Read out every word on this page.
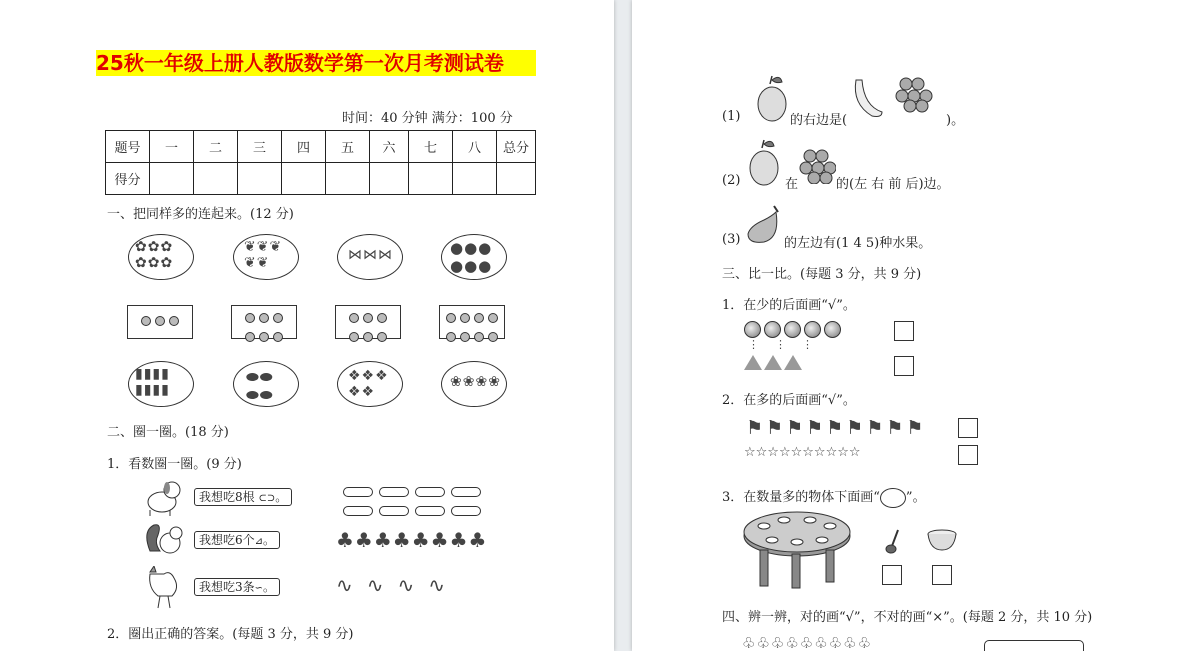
25秋一年级上册人教版数学第一次月考测试卷
时间：40 分钟 满分：100 分
题号	一	二	三	四	五	六	七	八	总分
得分									
一、把同样多的连起来。(12 分)
✿✿✿
✿✿✿
❦❦❦
❦❦	⋈⋈⋈	●●●
●●●

▮▮▮▮
▮▮▮▮
⬬⬬
⬬⬬
❖❖❖
❖❖
❀❀❀❀
二、圈一圈。(18 分)
1．看数圈一圈。(9 分)
我想吃8根 ⊂⊃。
我想吃6个⊿。
我想吃3条∽。

♣♣♣♣♣♣♣♣
∿∿∿∿
2．圈出正确的答案。(每题 3 分，共 9 分)
(1)	的右边是(	)。
(2)	在	的(左 右 前 后)边。
(3)	的左边有(1 4 5)种水果。
三、比一比。(每题 3 分，共 9 分)
1．在少的后面画“√”。
⋮⋮⋮
2．在多的后面画“√”。
⚑⚑⚑⚑⚑⚑⚑⚑⚑
☆☆☆☆☆☆☆☆☆☆
3．在数量多的物体下面画“ ”。
四、辨一辨，对的画“√”，不对的画“×”。(每题 2 分，共 10 分)
♧♧♧♧♧♧♧♧♧
